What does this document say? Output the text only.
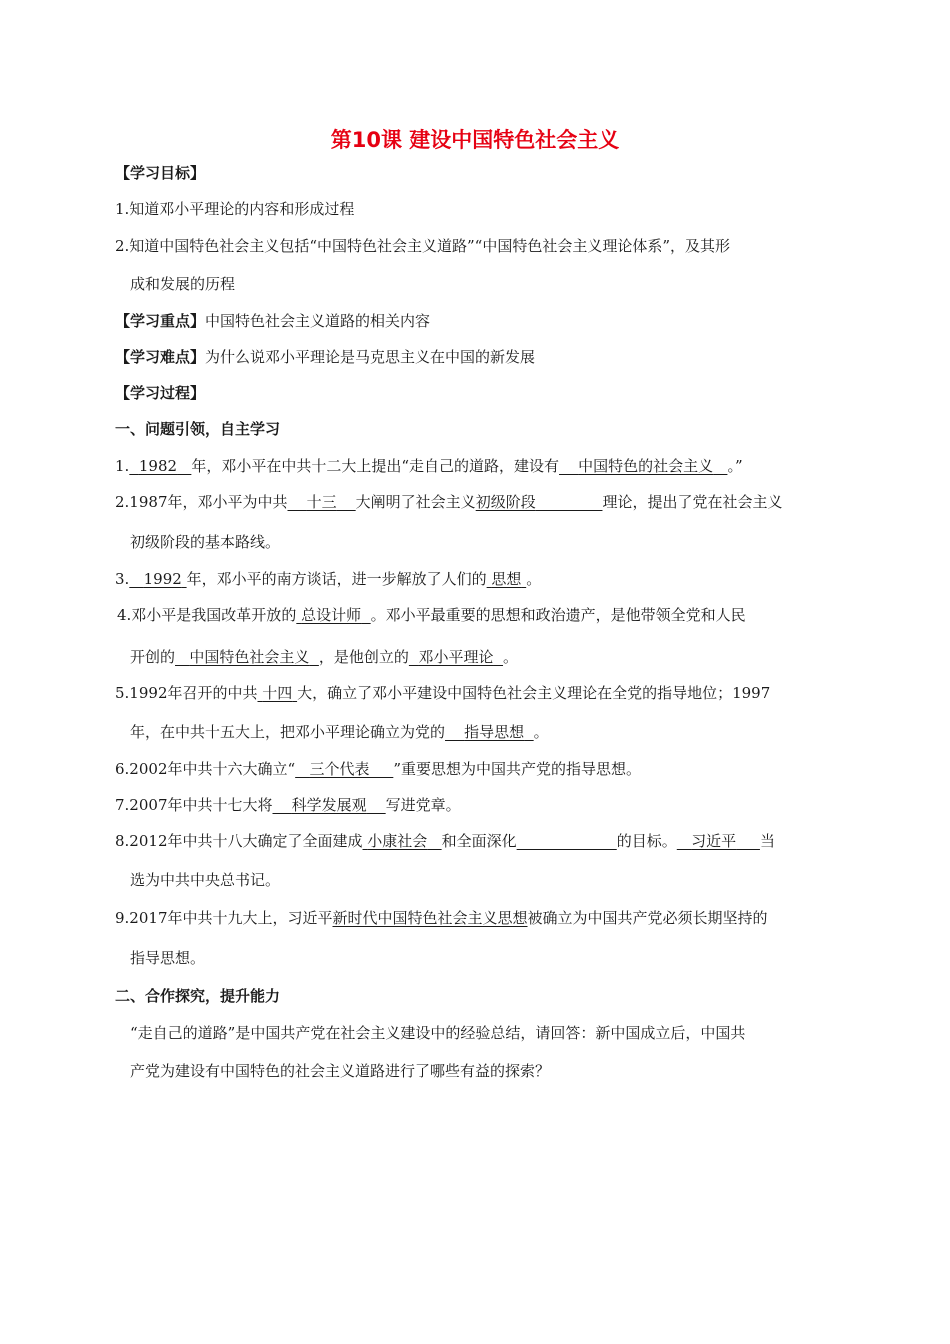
第10课 建设中国特色社会主义
【学习目标】
1.知道邓小平理论的内容和形成过程
2.知道中国特色社会主义包括“中国特色社会主义道路”“中国特色社会主义理论体系”，及其形
成和发展的历程
【学习重点】中国特色社会主义道路的相关内容
【学习难点】为什么说邓小平理论是马克思主义在中国的新发展
【学习过程】
一、问题引领，自主学习
1. 1982 年，邓小平在中共十二大上提出“走自己的道路，建设有 中国特色的社会主义 。”
2.1987年，邓小平为中共 十三 大阐明了社会主义初级阶段	理论，提出了党在社会主义
初级阶段的基本路线。
3. 1992 年，邓小平的南方谈话，进一步解放了人们的 思想 。
4.邓小平是我国改革开放的 总设计师 。邓小平最重要的思想和政治遗产，是他带领全党和人民
开创的 中国特色社会主义 ，是他创立的 邓小平理论 。
5.1992年召开的中共 十四 大，确立了邓小平建设中国特色社会主义理论在全党的指导地位；1997
年，在中共十五大上，把邓小平理论确立为党的 指导思想 。
6.2002年中共十六大确立“ 三个代表 ”重要思想为中国共产党的指导思想。
7.2007年中共十七大将 科学发展观 写进党章。
8.2012年中共十八大确定了全面建成 小康社会 和全面深化	的目标。 习近平 当
选为中共中央总书记。
9.2017年中共十九大上，习近平新时代中国特色社会主义思想被确立为中国共产党必须长期坚持的
指导思想。
二、合作探究，提升能力
“走自己的道路”是中国共产党在社会主义建设中的经验总结，请回答：新中国成立后，中国共
产党为建设有中国特色的社会主义道路进行了哪些有益的探索？
